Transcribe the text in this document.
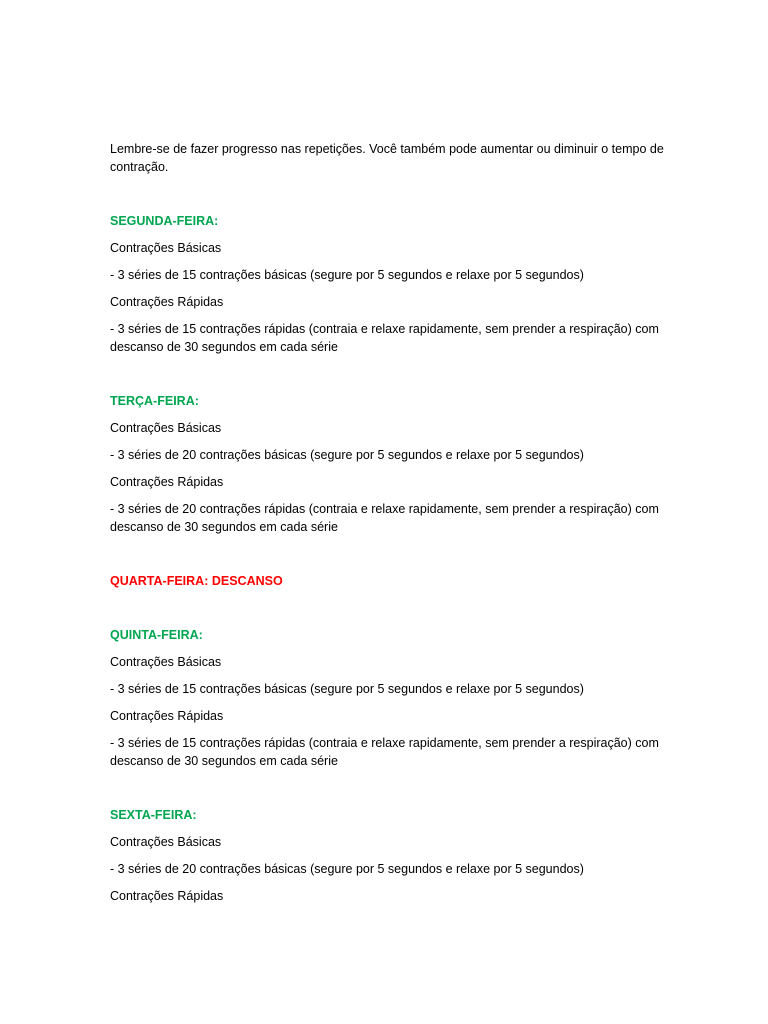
Lembre-se de fazer progresso nas repetições. Você também pode aumentar ou diminuir o tempo de contração.

SEGUNDA-FEIRA:

Contrações Básicas

- 3 séries de 15 contrações básicas (segure por 5 segundos e relaxe por 5 segundos)

Contrações Rápidas

- 3 séries de 15 contrações rápidas (contraia e relaxe rapidamente, sem prender a respiração) com descanso de 30 segundos em cada série

TERÇA-FEIRA:

Contrações Básicas

- 3 séries de 20 contrações básicas (segure por 5 segundos e relaxe por 5 segundos)

Contrações Rápidas

- 3 séries de 20 contrações rápidas (contraia e relaxe rapidamente, sem prender a respiração) com descanso de 30 segundos em cada série

QUARTA-FEIRA: DESCANSO
QUINTA-FEIRA:

Contrações Básicas

- 3 séries de 15 contrações básicas (segure por 5 segundos e relaxe por 5 segundos)

Contrações Rápidas

- 3 séries de 15 contrações rápidas (contraia e relaxe rapidamente, sem prender a respiração) com descanso de 30 segundos em cada série

SEXTA-FEIRA:

Contrações Básicas

- 3 séries de 20 contrações básicas (segure por 5 segundos e relaxe por 5 segundos)

Contrações Rápidas
